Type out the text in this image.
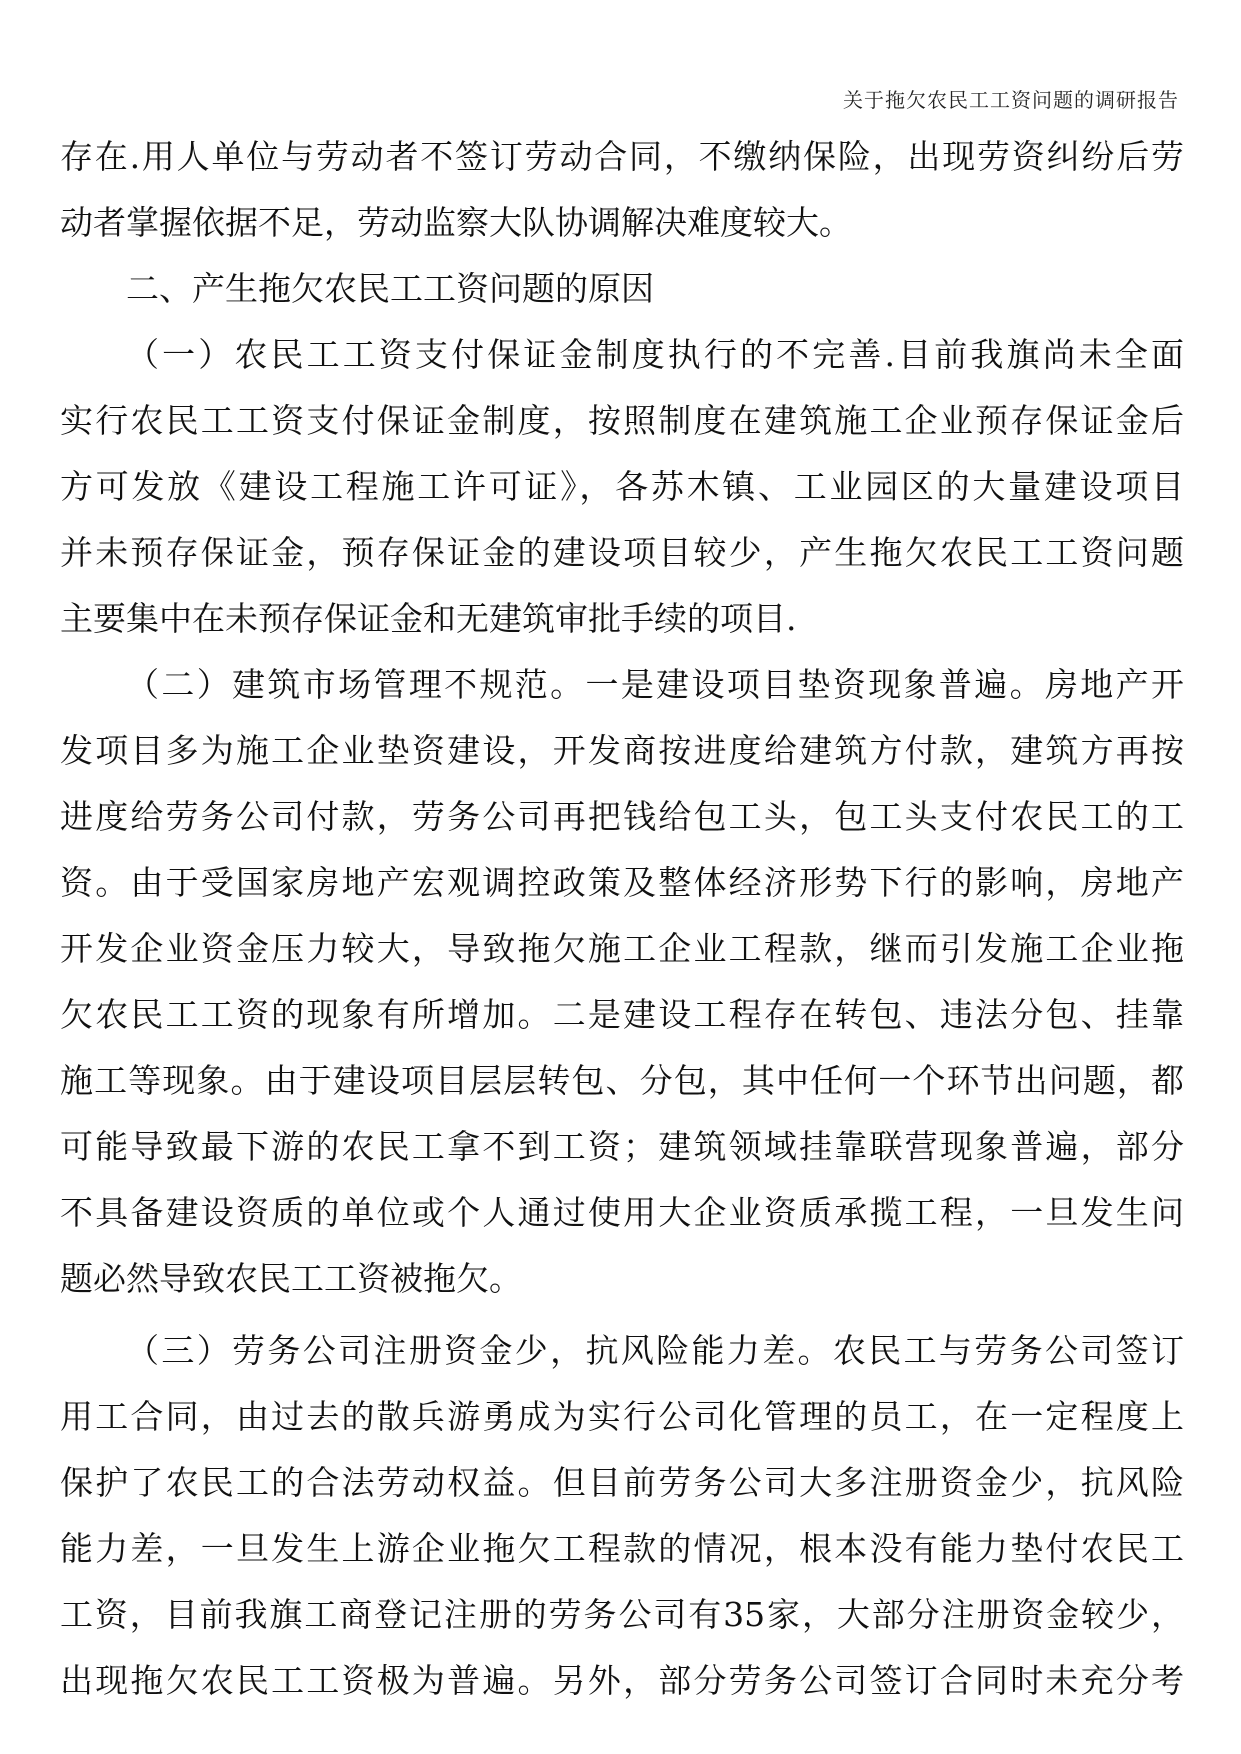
关于拖欠农民工工资问题的调研报告
存在.用人单位与劳动者不签订劳动合同，不缴纳保险，出现劳资纠纷后劳
动者掌握依据不足，劳动监察大队协调解决难度较大。
二、产生拖欠农民工工资问题的原因
（一）农民工工资支付保证金制度执行的不完善.目前我旗尚未全面
实行农民工工资支付保证金制度，按照制度在建筑施工企业预存保证金后
方可发放《建设工程施工许可证》，各苏木镇、工业园区的大量建设项目
并未预存保证金，预存保证金的建设项目较少，产生拖欠农民工工资问题
主要集中在未预存保证金和无建筑审批手续的项目.
（二）建筑市场管理不规范。一是建设项目垫资现象普遍。房地产开
发项目多为施工企业垫资建设，开发商按进度给建筑方付款，建筑方再按
进度给劳务公司付款，劳务公司再把钱给包工头，包工头支付农民工的工
资。由于受国家房地产宏观调控政策及整体经济形势下行的影响，房地产
开发企业资金压力较大，导致拖欠施工企业工程款，继而引发施工企业拖
欠农民工工资的现象有所增加。二是建设工程存在转包、违法分包、挂靠
施工等现象。由于建设项目层层转包、分包，其中任何一个环节出问题，都
可能导致最下游的农民工拿不到工资；建筑领域挂靠联营现象普遍，部分
不具备建设资质的单位或个人通过使用大企业资质承揽工程，一旦发生问
题必然导致农民工工资被拖欠。
（三）劳务公司注册资金少，抗风险能力差。农民工与劳务公司签订
用工合同，由过去的散兵游勇成为实行公司化管理的员工，在一定程度上
保护了农民工的合法劳动权益。但目前劳务公司大多注册资金少，抗风险
能力差，一旦发生上游企业拖欠工程款的情况，根本没有能力垫付农民工
工资，目前我旗工商登记注册的劳务公司有35家，大部分注册资金较少，
出现拖欠农民工工资极为普遍。另外，部分劳务公司签订合同时未充分考
